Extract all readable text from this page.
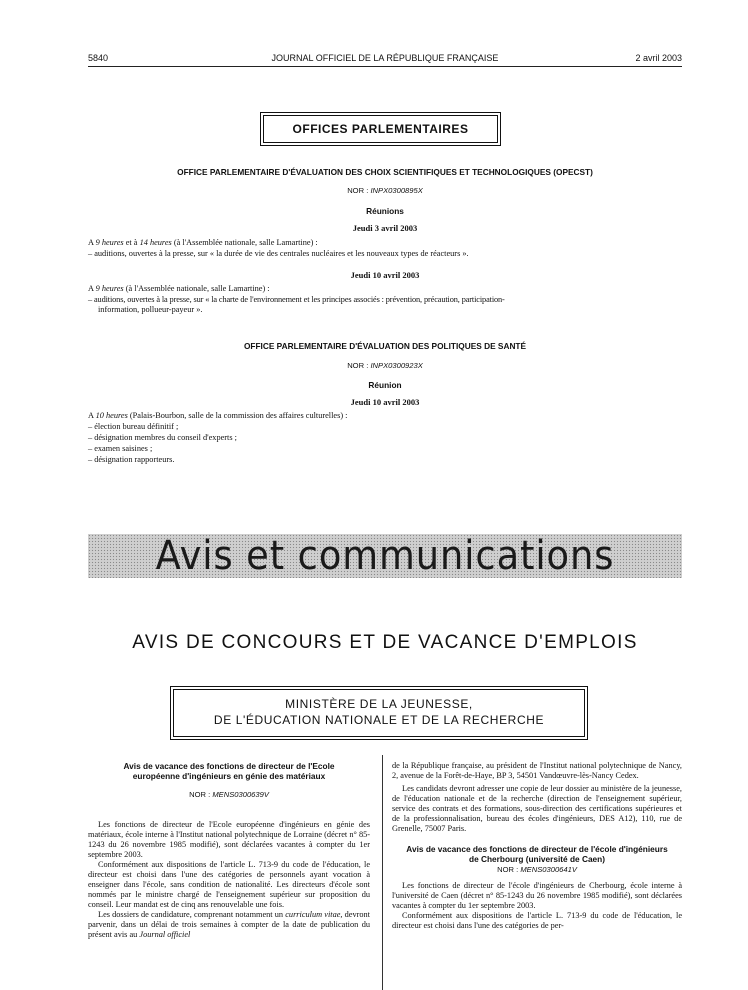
5840	JOURNAL OFFICIEL DE LA RÉPUBLIQUE FRANÇAISE	2 avril 2003
OFFICES PARLEMENTAIRES
OFFICE PARLEMENTAIRE D'ÉVALUATION DES CHOIX SCIENTIFIQUES ET TECHNOLOGIQUES (OPECST)
NOR : INPX0300895X
Réunions
Jeudi 3 avril 2003
A 9 heures et à 14 heures (à l'Assemblée nationale, salle Lamartine) :
– auditions, ouvertes à la presse, sur « la durée de vie des centrales nucléaires et les nouveaux types de réacteurs ».
Jeudi 10 avril 2003
A 9 heures (à l'Assemblée nationale, salle Lamartine) :
– auditions, ouvertes à la presse, sur « la charte de l'environnement et les principes associés : prévention, précaution, participation-
information, pollueur-payeur ».
OFFICE PARLEMENTAIRE D'ÉVALUATION DES POLITIQUES DE SANTÉ
NOR : INPX0300923X
Réunion
Jeudi 10 avril 2003
A 10 heures (Palais-Bourbon, salle de la commission des affaires culturelles) :
– élection bureau définitif ;
– désignation membres du conseil d'experts ;
– examen saisines ;
– désignation rapporteurs.
Avis et communications
AVIS DE CONCOURS ET DE VACANCE D'EMPLOIS
MINISTÈRE DE LA JEUNESSE,
DE L'ÉDUCATION NATIONALE ET DE LA RECHERCHE
Avis de vacance des fonctions de directeur de l'Ecole européenne d'ingénieurs en génie des matériaux
NOR : MENS0300639V

Les fonctions de directeur de l'Ecole européenne d'ingénieurs en génie des matériaux, école interne à l'Institut national polytechnique de Lorraine (décret n° 85-1243 du 26 novembre 1985 modifié), sont déclarées vacantes à compter du 1er septembre 2003.

Conformément aux dispositions de l'article L. 713-9 du code de l'éducation, le directeur est choisi dans l'une des catégories de personnels ayant vocation à enseigner dans l'école, sans condition de nationalité. Les directeurs d'école sont nommés par le ministre chargé de l'enseignement supérieur sur proposition du conseil. Leur mandat est de cinq ans renouvelable une fois.

Les dossiers de candidature, comprenant notamment un curriculum vitae, devront parvenir, dans un délai de trois semaines à compter de la date de publication du présent avis au Journal officiel

de la République française, au président de l'Institut national polytechnique de Nancy, 2, avenue de la Forêt-de-Haye, BP 3, 54501 Vandœuvre-lès-Nancy Cedex.

Les candidats devront adresser une copie de leur dossier au ministère de la jeunesse, de l'éducation nationale et de la recherche (direction de l'enseignement supérieur, service des contrats et des formations, sous-direction des certifications supérieures et de la professionnalisation, bureau des écoles d'ingénieurs, DES A12), 110, rue de Grenelle, 75007 Paris.

Avis de vacance des fonctions de directeur de l'école d'ingénieurs de Cherbourg (université de Caen)
NOR : MENS0300641V

Les fonctions de directeur de l'école d'ingénieurs de Cherbourg, école interne à l'université de Caen (décret n° 85-1243 du 26 novembre 1985 modifié), sont déclarées vacantes à compter du 1er septembre 2003.

Conformément aux dispositions de l'article L. 713-9 du code de l'éducation, le directeur est choisi dans l'une des catégories de per-
